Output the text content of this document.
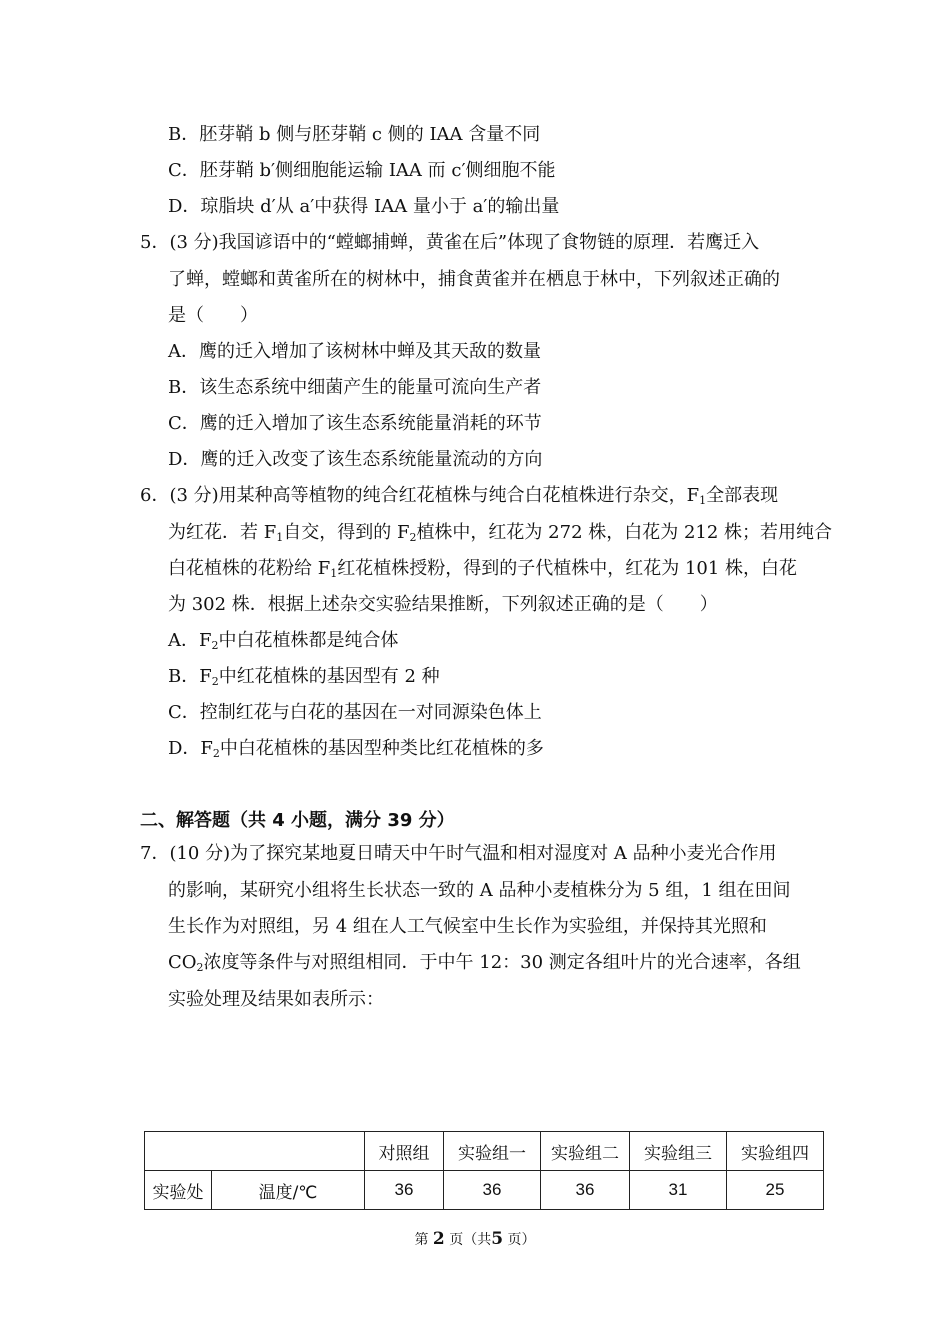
B．胚芽鞘 b 侧与胚芽鞘 c 侧的 IAA 含量不同
C．胚芽鞘 b′侧细胞能运输 IAA 而 c′侧细胞不能
D．琼脂块 d′从 a′中获得 IAA 量小于 a′的输出量
5．(3 分)我国谚语中的“螳螂捕蝉，黄雀在后”体现了食物链的原理．若鹰迁入
了蝉，螳螂和黄雀所在的树林中，捕食黄雀并在栖息于林中，下列叙述正确的
是（　　）
A．鹰的迁入增加了该树林中蝉及其天敌的数量
B．该生态系统中细菌产生的能量可流向生产者
C．鹰的迁入增加了该生态系统能量消耗的环节
D．鹰的迁入改变了该生态系统能量流动的方向
6．(3 分)用某种高等植物的纯合红花植株与纯合白花植株进行杂交，$F_1$全部表现
为红花．若 $F_1$自交，得到的 $F_2$植株中，红花为 272 株，白花为 212 株；若用纯合
白花植株的花粉给 $F_1$红花植株授粉，得到的子代植株中，红花为 101 株，白花
为 302 株．根据上述杂交实验结果推断，下列叙述正确的是（　　）
A．$F_2$中白花植株都是纯合体
B．$F_2$中红花植株的基因型有 2 种
C．控制红花与白花的基因在一对同源染色体上
D．$F_2$中白花植株的基因型种类比红花植株的多
二、解答题（共 4 小题，满分 39 分）
7．(10 分)为了探究某地夏日晴天中午时气温和相对湿度对 A 品种小麦光合作用
的影响，某研究小组将生长状态一致的 A 品种小麦植株分为 5 组，1 组在田间
生长作为对照组，另 4 组在人工气候室中生长作为实验组，并保持其光照和
$CO_2$浓度等条件与对照组相同．于中午 12：30 测定各组叶片的光合速率，各组
实验处理及结果如表所示：
		对照组	实验组一	实验组二	实验组三	实验组四
实验处	温度/℃	36	36	36	31	25
第 2 页（共5 页）
